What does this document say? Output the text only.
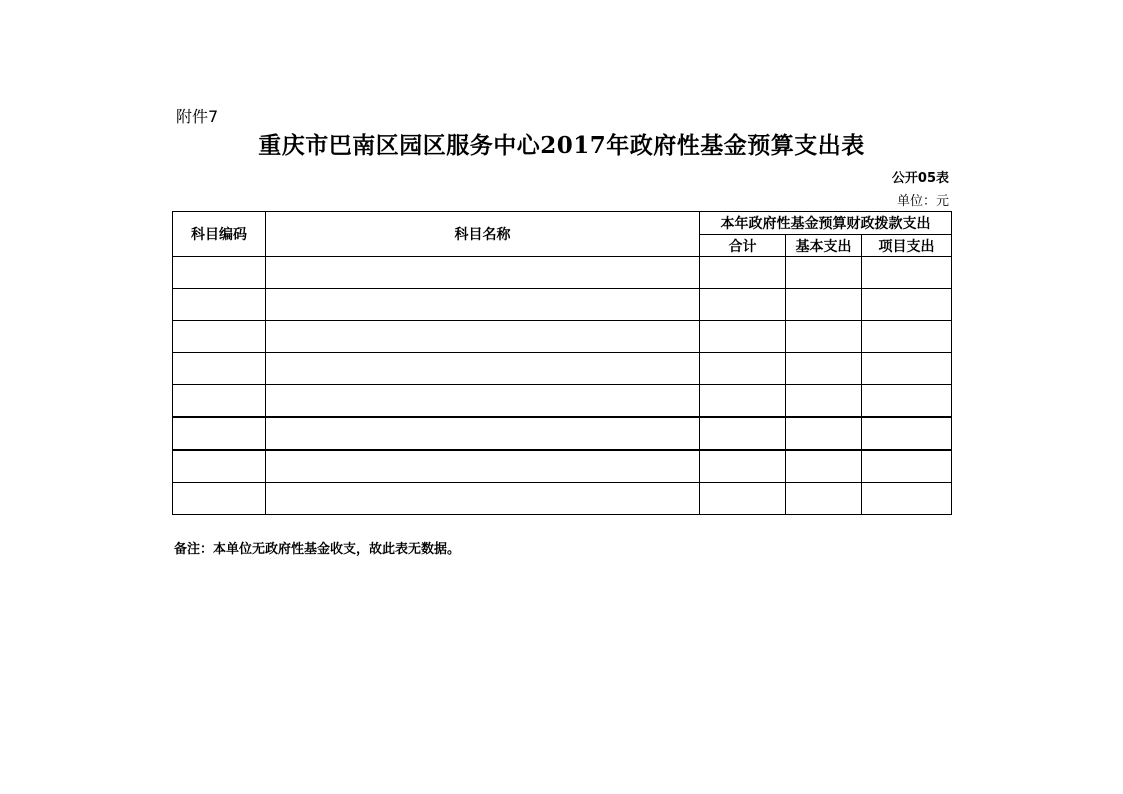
附件7
重庆市巴南区园区服务中心2017年政府性基金预算支出表
公开05表
单位：元
科目编码	科目名称	本年政府性基金预算财政拨款支出		
		合计	基本支出	项目支出

备注：本单位无政府性基金收支，故此表无数据。
